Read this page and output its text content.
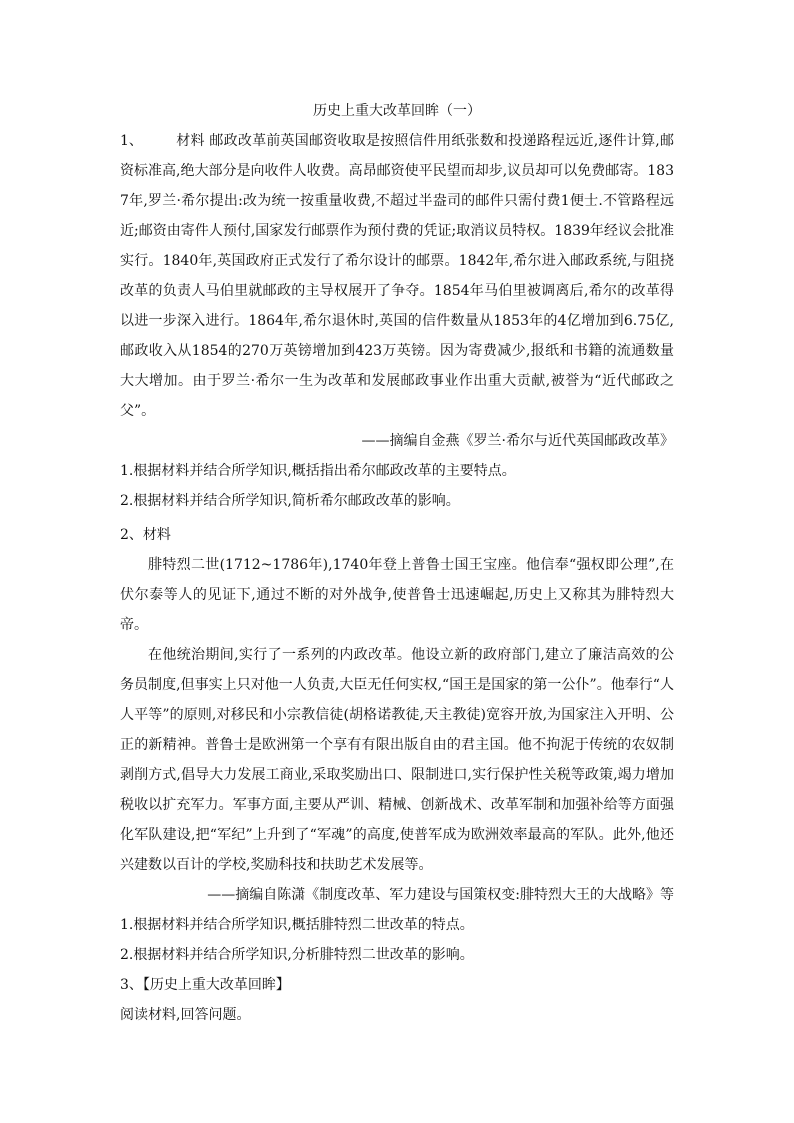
历史上重大改革回眸（一）

1、 材料 邮政改革前英国邮资收取是按照信件用纸张数和投递路程远近,逐件计算,邮资标准高,绝大部分是向收件人收费。高昂邮资使平民望而却步,议员却可以免费邮寄。1837年,罗兰·希尔提出:改为统一按重量收费,不超过半盎司的邮件只需付费1便士.不管路程远近;邮资由寄件人预付,国家发行邮票作为预付费的凭证;取消议员特权。1839年经议会批准实行。1840年,英国政府正式发行了希尔设计的邮票。1842年,希尔进入邮政系统,与阻挠改革的负责人马伯里就邮政的主导权展开了争夺。1854年马伯里被调离后,希尔的改革得以进一步深入进行。1864年,希尔退休时,英国的信件数量从1853年的4亿增加到6.75亿,邮政收入从1854的270万英镑增加到423万英镑。因为寄费减少,报纸和书籍的流通数量大大增加。由于罗兰·希尔一生为改革和发展邮政事业作出重大贡献,被誉为“近代邮政之父”。

——摘编自金燕《罗兰·希尔与近代英国邮政改革》

1.根据材料并结合所学知识,概括指出希尔邮政改革的主要特点。

2.根据材料并结合所学知识,简析希尔邮政改革的影响。

2、材料

腓特烈二世(1712~1786年),1740年登上普鲁士国王宝座。他信奉“强权即公理”,在伏尔泰等人的见证下,通过不断的对外战争,使普鲁士迅速崛起,历史上又称其为腓特烈大帝。

在他统治期间,实行了一系列的内政改革。他设立新的政府部门,建立了廉洁高效的公务员制度,但事实上只对他一人负责,大臣无任何实权,“国王是国家的第一公仆”。他奉行“人人平等”的原则,对移民和小宗教信徒(胡格诺教徒,天主教徒)宽容开放,为国家注入开明、公正的新精神。普鲁士是欧洲第一个享有有限出版自由的君主国。他不拘泥于传统的农奴制剥削方式,倡导大力发展工商业,采取奖励出口、限制进口,实行保护性关税等政策,竭力增加税收以扩充军力。军事方面,主要从严训、精械、创新战术、改革军制和加强补给等方面强化军队建设,把“军纪”上升到了“军魂”的高度,使普军成为欧洲效率最高的军队。此外,他还兴建数以百计的学校,奖励科技和扶助艺术发展等。

——摘编自陈潇《制度改革、军力建设与国策权变:腓特烈大王的大战略》等

1.根据材料并结合所学知识,概括腓特烈二世改革的特点。

2.根据材料并结合所学知识,分析腓特烈二世改革的影响。

3、【历史上重大改革回眸】

阅读材料,回答问题。
